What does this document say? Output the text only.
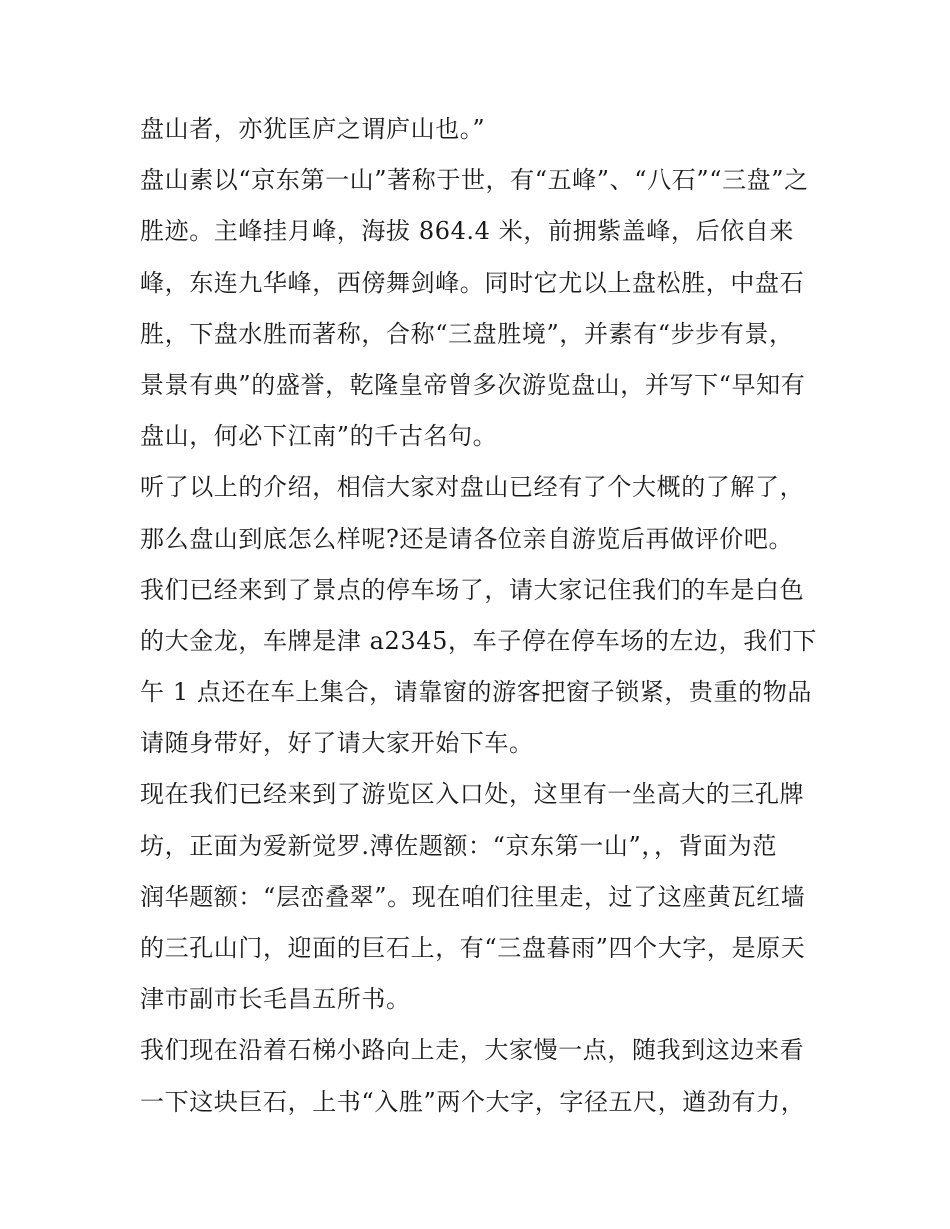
盘山者，亦犹匡庐之谓庐山也。”
盘山素以“京东第一山”著称于世，有“五峰”、“八石”“三盘”之
胜迹。主峰挂月峰，海拔 864.4 米，前拥紫盖峰，后依自来
峰，东连九华峰，西傍舞剑峰。同时它尤以上盘松胜，中盘石
胜，下盘水胜而著称，合称“三盘胜境”，并素有“步步有景，
景景有典”的盛誉，乾隆皇帝曾多次游览盘山，并写下“早知有
盘山，何必下江南”的千古名句。
听了以上的介绍，相信大家对盘山已经有了个大概的了解了，
那么盘山到底怎么样呢?还是请各位亲自游览后再做评价吧。
我们已经来到了景点的停车场了，请大家记住我们的车是白色
的大金龙，车牌是津 a2345，车子停在停车场的左边，我们下
午 1 点还在车上集合，请靠窗的游客把窗子锁紧，贵重的物品
请随身带好，好了请大家开始下车。
现在我们已经来到了游览区入口处，这里有一坐高大的三孔牌
坊，正面为爱新觉罗.溥佐题额：“京东第一山”，，背面为范
润华题额：“层峦叠翠”。现在咱们往里走，过了这座黄瓦红墙
的三孔山门，迎面的巨石上，有“三盘暮雨”四个大字，是原天
津市副市长毛昌五所书。
我们现在沿着石梯小路向上走，大家慢一点，随我到这边来看
一下这块巨石，上书“入胜”两个大字，字径五尺，遒劲有力，
